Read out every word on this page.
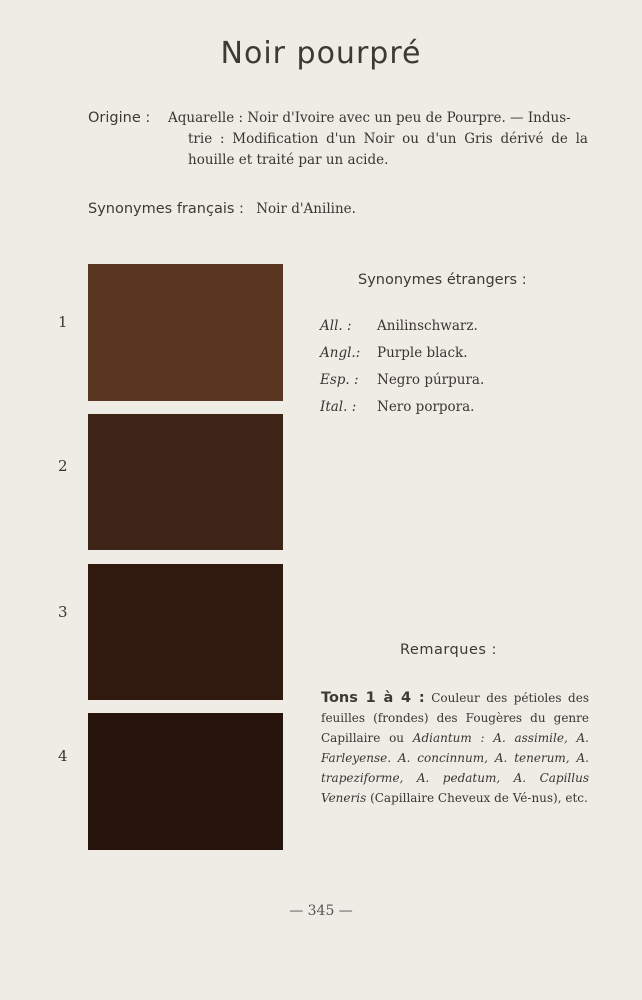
Noir pourpré
Origine : Aquarelle : Noir d'Ivoire avec un peu de Pourpre. — Indus-
trie : Modification d'un Noir ou d'un Gris dérivé de la
houille et traité par un acide.
Synonymes français : Noir d'Aniline.
1
2
3
4
Synonymes étrangers :
All. : Anilinschwarz.
Angl.: Purple black.
Esp. : Negro púrpura.
Ital. : Nero porpora.
Remarques :
Tons 1 à 4 : Couleur des pétioles des feuilles (frondes) des Fougères du genre Capillaire ou Adiantum : A. assimile, A. Farleyense. A. concinnum, A. tenerum, A. trapeziforme, A. pedatum, A. Capillus Veneris (Capillaire Cheveux de Vé-nus), etc.
— 345 —
